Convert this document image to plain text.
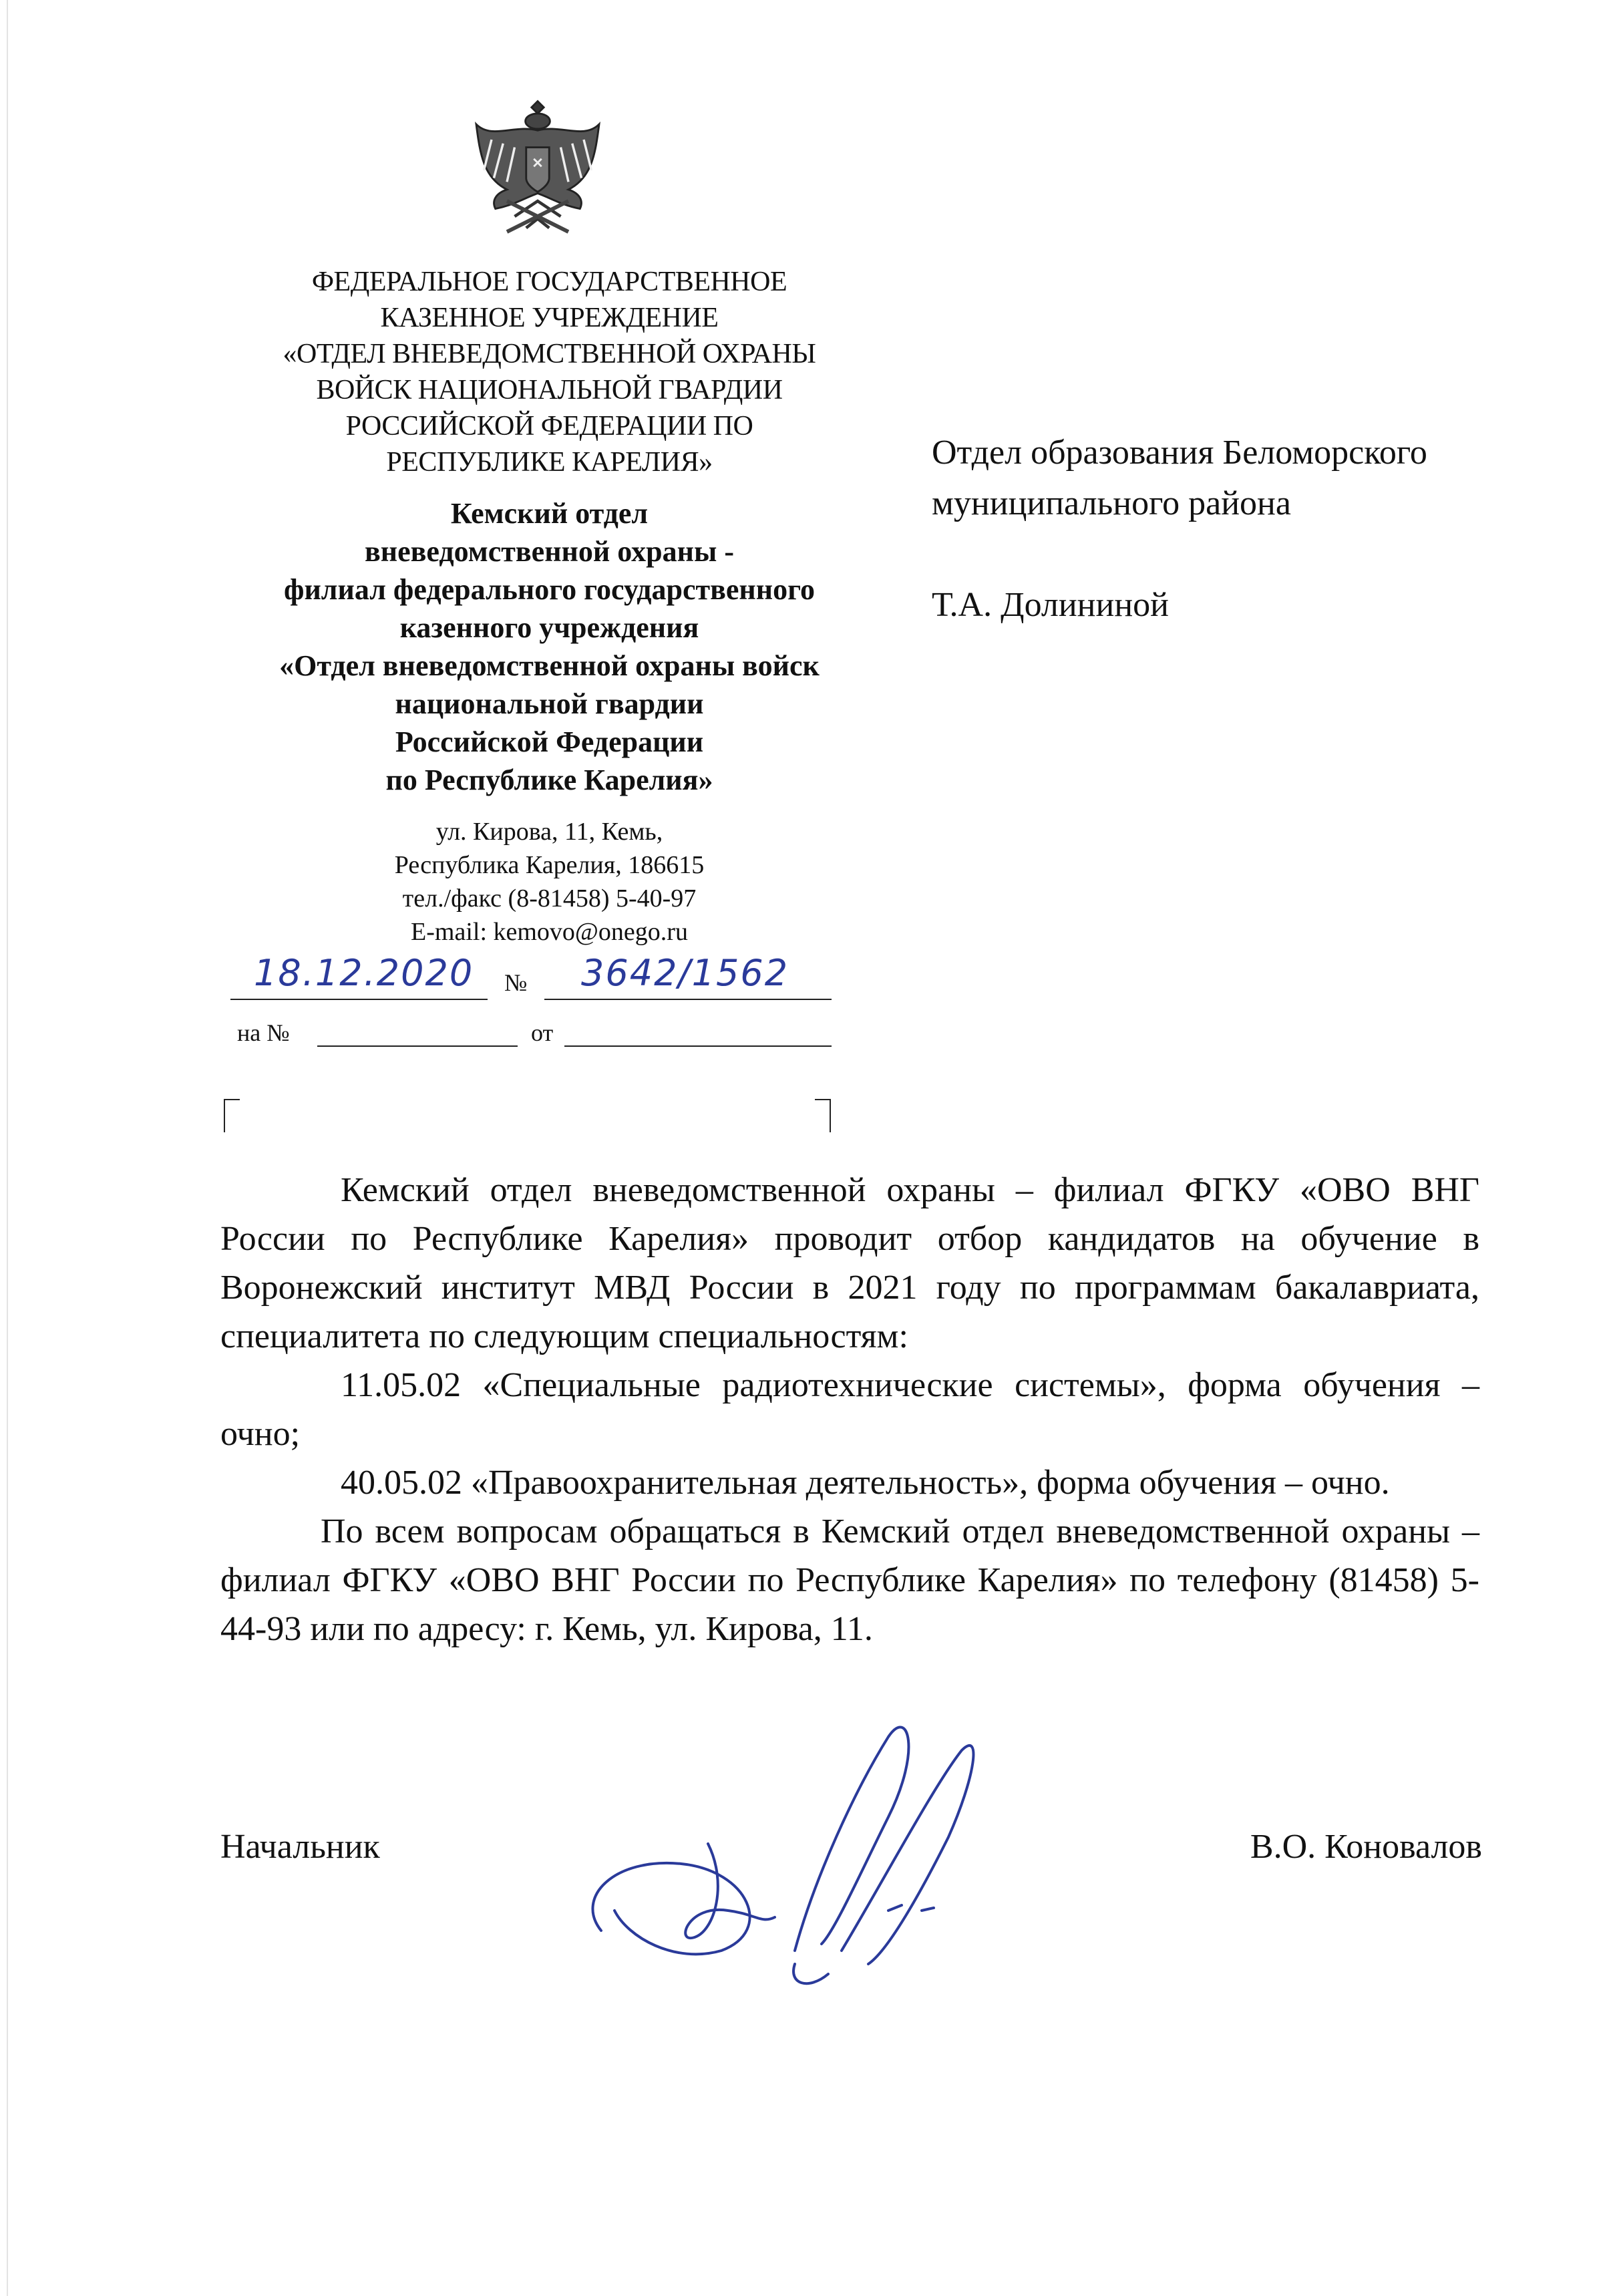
ФЕДЕРАЛЬНОЕ ГОСУДАРСТВЕННОЕ
КАЗЕННОЕ УЧРЕЖДЕНИЕ
«ОТДЕЛ ВНЕВЕДОМСТВЕННОЙ ОХРАНЫ
ВОЙСК НАЦИОНАЛЬНОЙ ГВАРДИИ
РОССИЙСКОЙ ФЕДЕРАЦИИ ПО
РЕСПУБЛИКЕ КАРЕЛИЯ»
Кемский отдел
вневедомственной охраны -
филиал федерального государственного
казенного учреждения
«Отдел вневедомственной охраны войск
национальной гвардии
Российской Федерации
по Республике Карелия»
ул. Кирова, 11, Кемь,
Республика Карелия, 186615
тел./факс (8-81458) 5-40-97
E-mail: kemovo@onego.ru
18.12.2020 № 3642/1562
на №	от
Отдел образования Беломорского
муниципального района
Т.А. Долининой

Кемский отдел вневедомственной охраны – филиал ФГКУ «ОВО ВНГ России по Республике Карелия» проводит отбор кандидатов на обучение в Воронежский институт МВД России в 2021 году по программам бакалавриата, специалитета по следующим специальностям:

11.05.02 «Специальные радиотехнические системы», форма обучения – очно;

40.05.02 «Правоохранительная деятельность», форма обучения – очно.

По всем вопросам обращаться в Кемский отдел вневедомственной охраны – филиал ФГКУ «ОВО ВНГ России по Республике Карелия» по телефону (81458) 5-44-93 или по адресу: г. Кемь, ул. Кирова, 11.

Начальник	В.О. Коновалов
